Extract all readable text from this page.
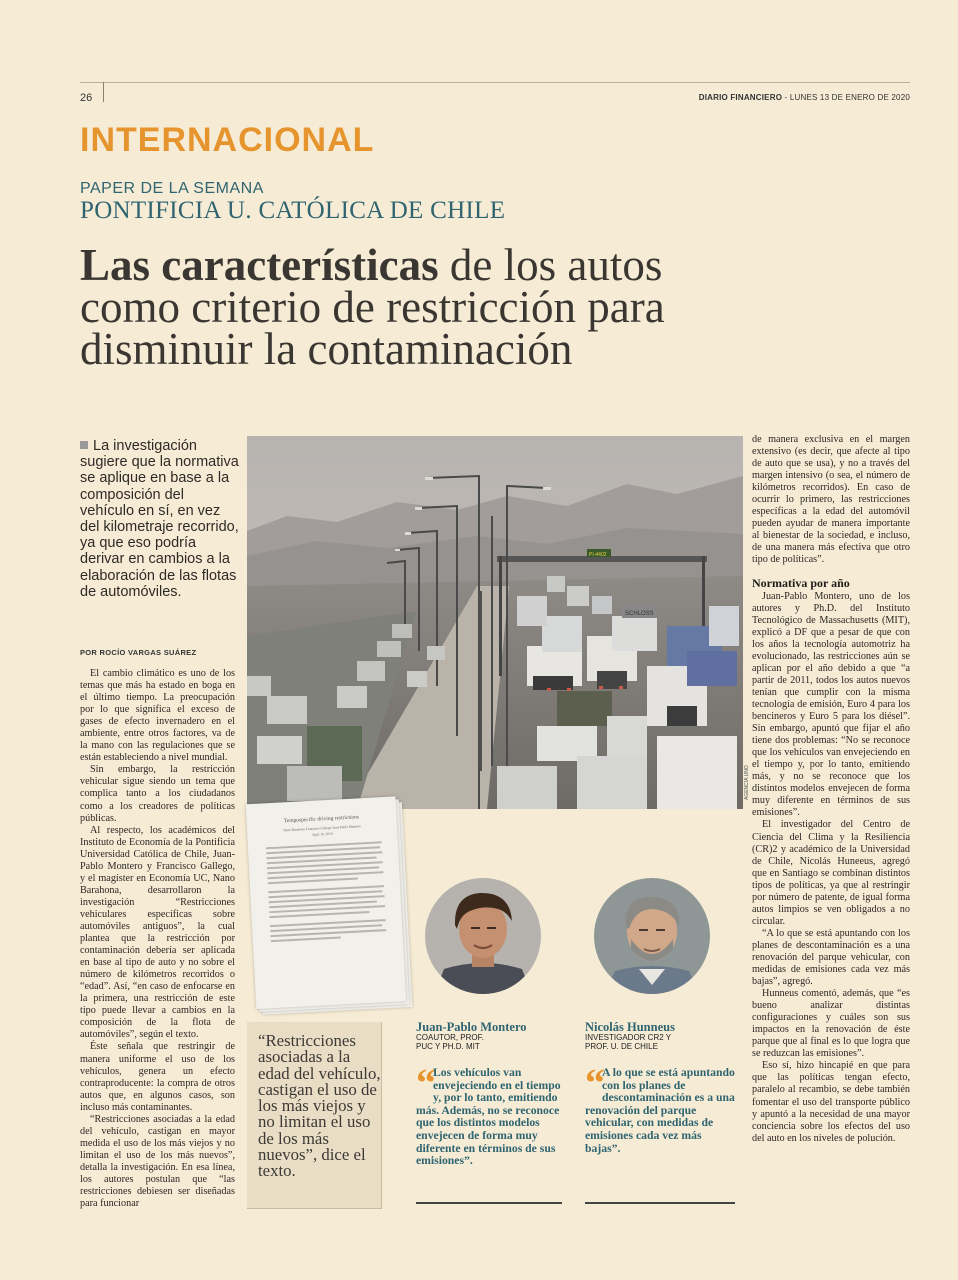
26	DIARIO FINANCIERO - LUNES 13 DE ENERO DE 2020
INTERNACIONAL
PAPER DE LA SEMANA
PONTIFICIA U. CATÓLICA DE CHILE
Las características de los autos
como criterio de restricción para
disminuir la contaminación
La investigación sugiere que la normativa se aplique en base a la composición del vehículo en sí, en vez del kilometraje recorrido, ya que eso podría derivar en cambios a la elaboración de las flotas de automóviles.
POR ROCÍO VARGAS SUÁREZ

El cambio climático es uno de los temas que más ha estado en boga en el último tiempo. La preocupación por lo que significa el exceso de gases de efecto invernadero en el ambiente, entre otros factores, va de la mano con las regulaciones que se están estableciendo a nivel mundial.

Sin embargo, la restricción vehicular sigue siendo un tema que complica tanto a los ciudadanos como a los creadores de políticas públicas.

Al respecto, los académicos del Instituto de Economía de la Pontificia Universidad Católica de Chile, Juan-Pablo Montero y Francisco Gallego, y el magíster en Economía UC, Nano Barahona, desarrollaron la investigación “Restricciones vehiculares específicas sobre automóviles antiguos”, la cual plantea que la restricción por contaminación debería ser aplicada en base al tipo de auto y no sobre el número de kilómetros recorridos o “edad”. Así, “en caso de enfocarse en la primera, una restricción de este tipo puede llevar a cambios en la composición de la flota de automóviles”, según el texto.

Éste señala que restringir de manera uniforme el uso de los vehículos, genera un efecto contraproducente: la compra de otros autos que, en algunos casos, son incluso más contaminantes.

“Restricciones asociadas a la edad del vehículo, castigan en mayor medida el uso de los más viejos y no limitan el uso de los más nuevos”, detalla la investigación. En esa línea, los autores postulan que “las restricciones debiesen ser diseñadas para funcionar

PI-4402
SCHLOSS
AGENCIA UNO
Tempospecific driving restrictions
Nano Barahona Francisco Gallego Juan-Pablo Montero
April 10, 2018
“Restricciones asociadas a la edad del vehículo, castigan el uso de los más viejos y no limitan el uso de los más nuevos”, dice el texto.
Juan-Pablo Montero
COAUTOR, PROF.
PUC Y PH.D. MIT
Nicolás Hunneus
INVESTIGADOR CR2 Y
PROF. U. DE CHILE
“ Los vehículos van envejeciendo en el tiempo y, por lo tanto, emitiendo más. Además, no se reconoce que los distintos modelos envejecen de forma muy diferente en términos de sus emisiones”.
“ A lo que se está apuntando con los planes de descontaminación es a una renovación del parque vehicular, con medidas de emisiones cada vez más bajas”.

de manera exclusiva en el margen extensivo (es decir, que afecte al tipo de auto que se usa), y no a través del margen intensivo (o sea, el número de kilómetros recorridos). En caso de ocurrir lo primero, las restricciones específicas a la edad del automóvil pueden ayudar de manera importante al bienestar de la sociedad, e incluso, de una manera más efectiva que otro tipo de políticas”.

Normativa por año

Juan-Pablo Montero, uno de los autores y Ph.D. del Instituto Tecnológico de Massachusetts (MIT), explicó a DF que a pesar de que con los años la tecnología automotriz ha evolucionado, las restricciones aún se aplican por el año debido a que “a partir de 2011, todos los autos nuevos tenían que cumplir con la misma tecnología de emisión, Euro 4 para los bencineros y Euro 5 para los diésel”. Sin embargo, apuntó que fijar el año tiene dos problemas: “No se reconoce que los vehículos van envejeciendo en el tiempo y, por lo tanto, emitiendo más, y no se reconoce que los distintos modelos envejecen de forma muy diferente en términos de sus emisiones”.

El investigador del Centro de Ciencia del Clima y la Resiliencia (CR)2 y académico de la Universidad de Chile, Nicolás Huneeus, agregó que en Santiago se combinan distintos tipos de políticas, ya que al restringir por número de patente, de igual forma autos limpios se ven obligados a no circular.

“A lo que se está apuntando con los planes de descontaminación es a una renovación del parque vehicular, con medidas de emisiones cada vez más bajas”, agregó.

Hunneus comentó, además, que “es bueno analizar distintas configuraciones y cuáles son sus impactos en la renovación de éste parque que al final es lo que logra que se reduzcan las emisiones”.

Eso sí, hizo hincapié en que para que las políticas tengan efecto, paralelo al recambio, se debe también fomentar el uso del transporte público y apuntó a la necesidad de una mayor conciencia sobre los efectos del uso del auto en los niveles de polución.
